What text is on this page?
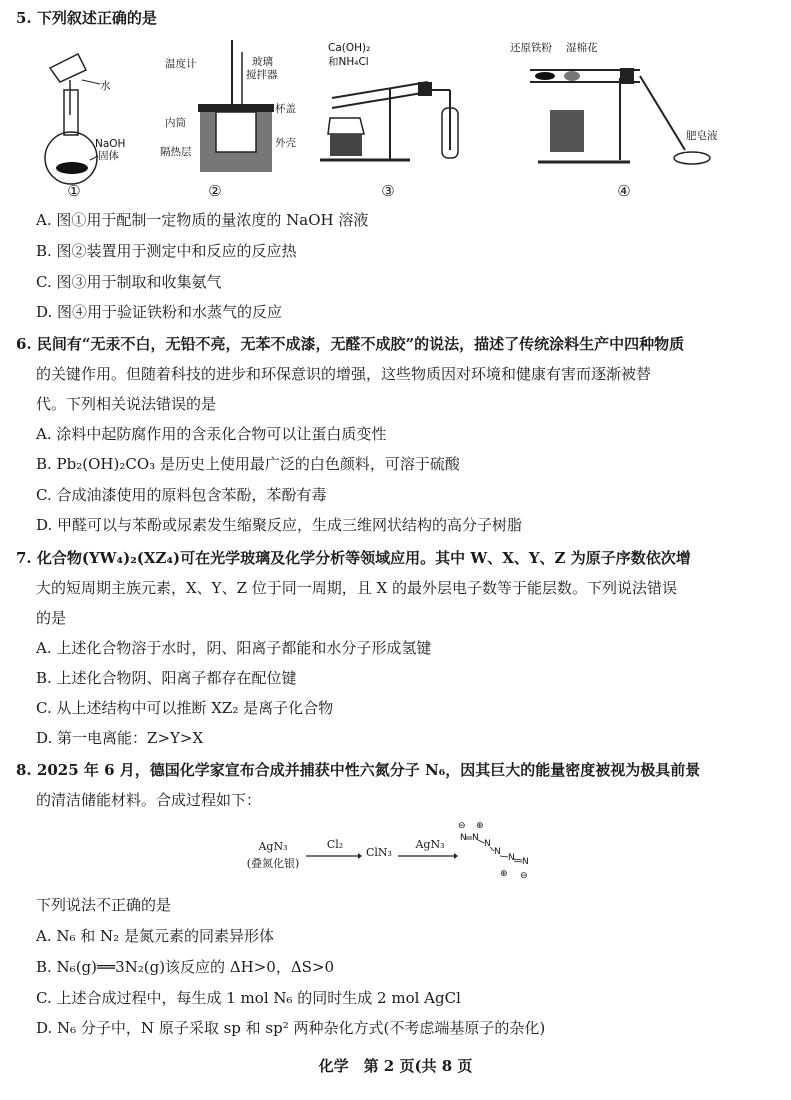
5. 下列叙述正确的是
水
NaOH
固体
①
温度计	玻璃
搅拌器
杯盖
内筒
外壳
隔热层
②
Ca(OH)₂
和NH₄Cl
③
还原铁粉 湿棉花
肥皂液
④
A. 图①用于配制一定物质的量浓度的 NaOH 溶液
B. 图②装置用于测定中和反应的反应热
C. 图③用于制取和收集氨气
D. 图④用于验证铁粉和水蒸气的反应
6. 民间有“无汞不白，无铅不亮，无苯不成漆，无醛不成胶”的说法，描述了传统涂料生产中四种物质
的关键作用。但随着科技的进步和环保意识的增强，这些物质因对环境和健康有害而逐渐被替
代。下列相关说法错误的是
A. 涂料中起防腐作用的含汞化合物可以让蛋白质变性
B. Pb₂(OH)₂CO₃ 是历史上使用最广泛的白色颜料，可溶于硫酸
C. 合成油漆使用的原料包含苯酚，苯酚有毒
D. 甲醛可以与苯酚或尿素发生缩聚反应，生成三维网状结构的高分子树脂
7. 化合物(YW₄)₂(XZ₄)可在光学玻璃及化学分析等领域应用。其中 W、X、Y、Z 为原子序数依次增
大的短周期主族元素，X、Y、Z 位于同一周期，且 X 的最外层电子数等于能层数。下列说法错误
的是
A. 上述化合物溶于水时，阴、阳离子都能和水分子形成氢键
B. 上述化合物阴、阳离子都存在配位键
C. 从上述结构中可以推断 XZ₂ 是离子化合物
D. 第一电离能：Z>Y>X
8. 2025 年 6 月，德国化学家宣布合成并捕获中性六氮分子 N₆，因其巨大的能量密度被视为极具前景
的清洁储能材料。合成过程如下：
AgN₃
(叠氮化银)
Cl₂
ClN₃
AgN₃
⊖ ⊕
N N
N
N
N N
⊕ ⊖
下列说法不正确的是
A. N₆ 和 N₂ 是氮元素的同素异形体
B. N₆(g)══3N₂(g)该反应的 ΔH>0，ΔS>0
C. 上述合成过程中，每生成 1 mol N₆ 的同时生成 2 mol AgCl
D. N₆ 分子中，N 原子采取 sp 和 sp² 两种杂化方式(不考虑端基原子的杂化)
化学　第 2 页(共 8 页
